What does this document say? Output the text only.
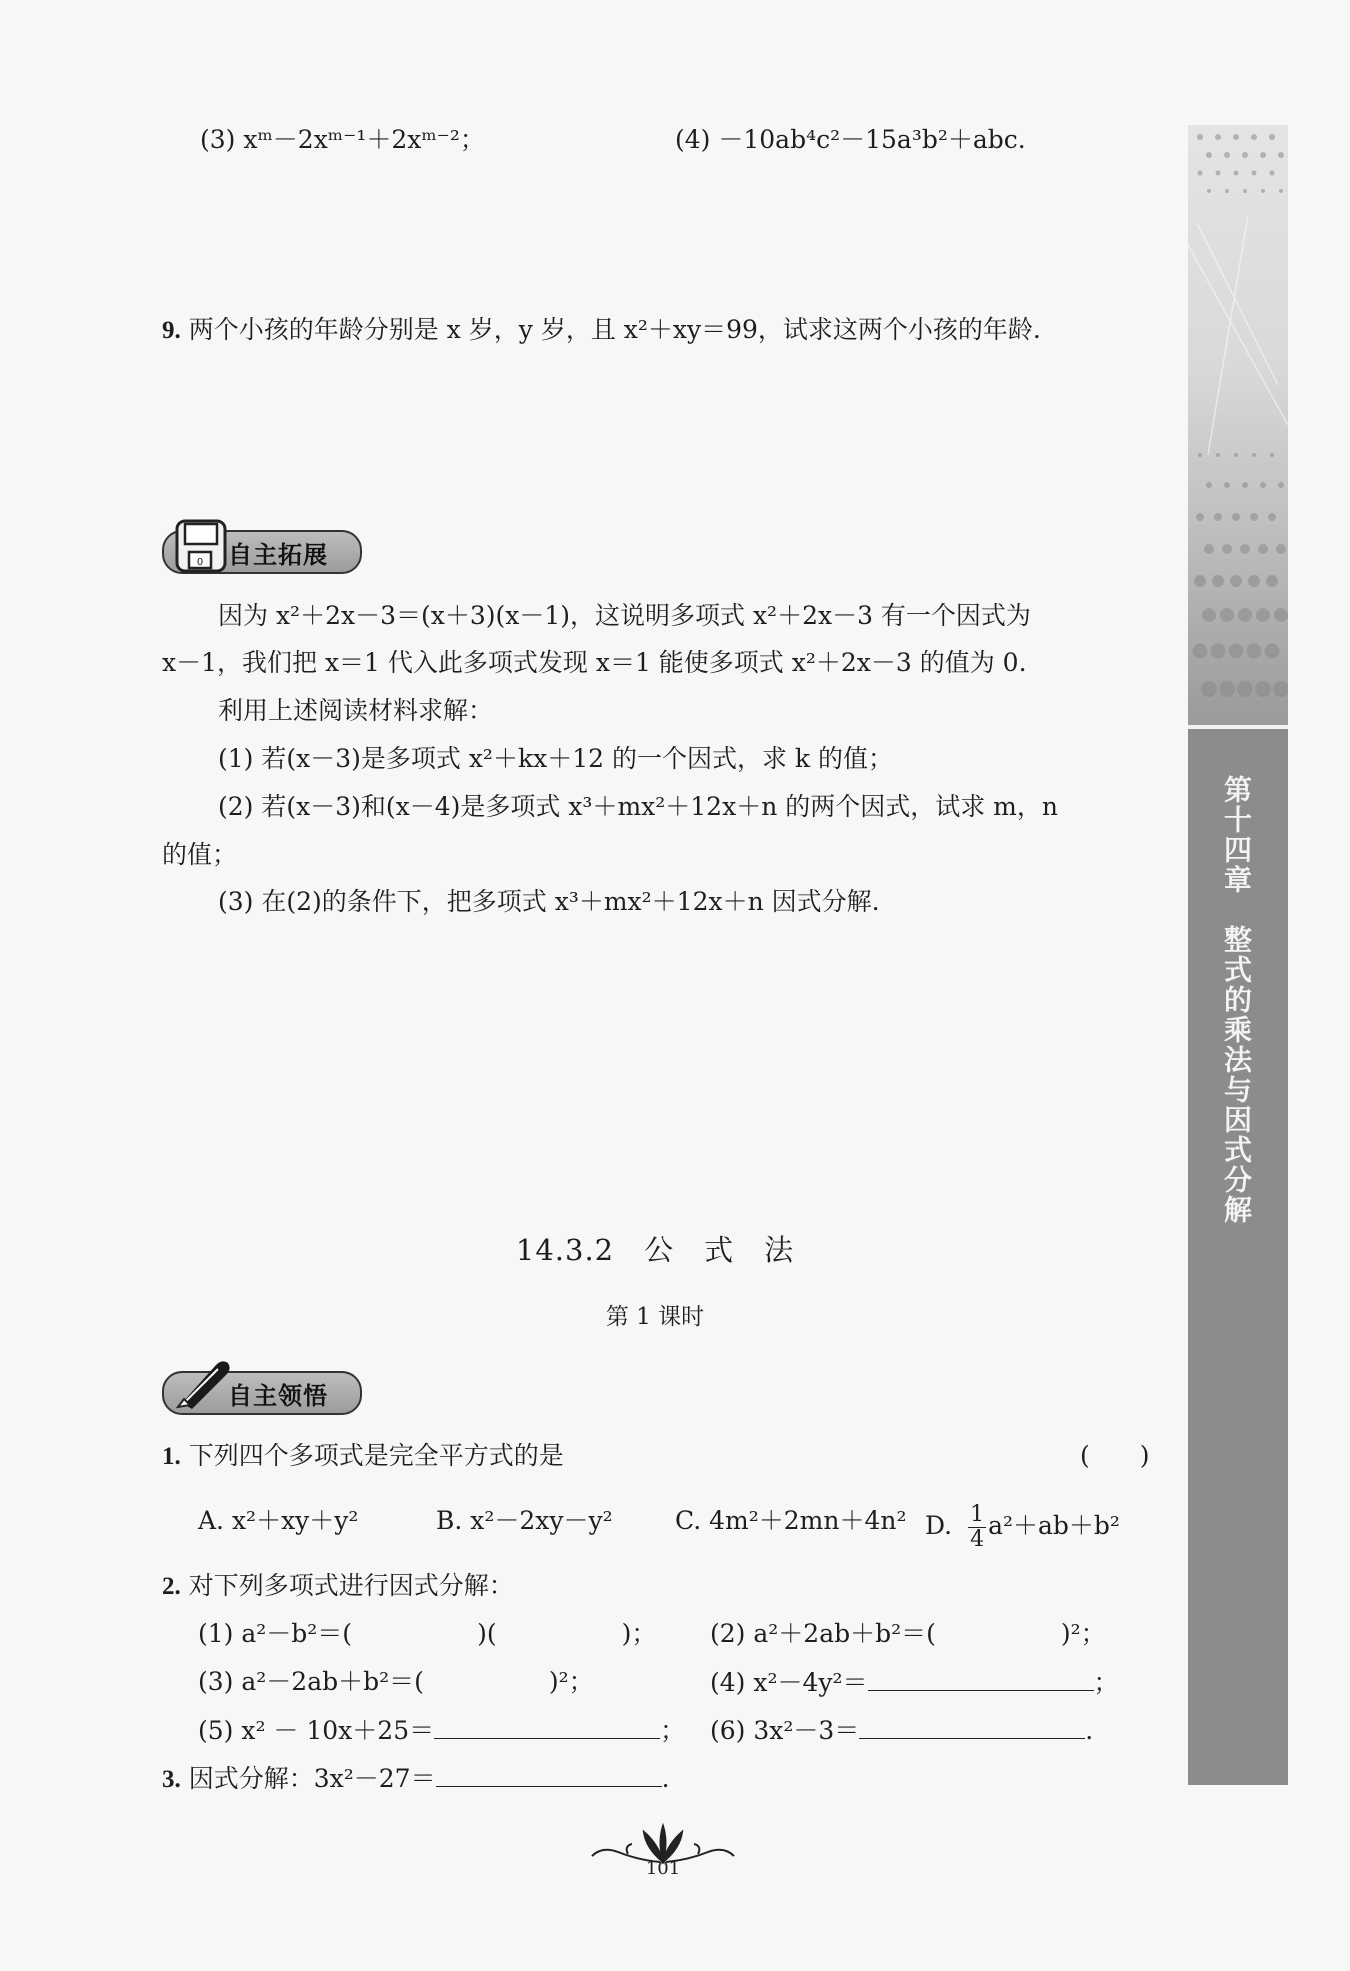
(3) xᵐ－2xᵐ⁻¹＋2xᵐ⁻²；	(4) －10ab⁴c²－15a³b²＋abc.
9. 两个小孩的年龄分别是 x 岁，y 岁，且 x²＋xy＝99，试求这两个小孩的年龄.
0 自主拓展
因为 x²＋2x－3＝(x＋3)(x－1)，这说明多项式 x²＋2x－3 有一个因式为
x－1，我们把 x＝1 代入此多项式发现 x＝1 能使多项式 x²＋2x－3 的值为 0.
利用上述阅读材料求解：
(1) 若(x－3)是多项式 x²＋kx＋12 的一个因式，求 k 的值；
(2) 若(x－3)和(x－4)是多项式 x³＋mx²＋12x＋n 的两个因式，试求 m，n
的值；
(3) 在(2)的条件下，把多项式 x³＋mx²＋12x＋n 因式分解.
14.3.2　公　式　法
第 1 课时
自主领悟
1. 下列四个多项式是完全平方式的是	(　　)
A. x²＋xy＋y²	B. x²－2xy－y² C. 4m²＋2mn＋4n² D. $\frac{1}{4} a^2+ab+b^2$
2. 对下列多项式进行因式分解：
(1) a²－b²＝(　　　　　)(　　　　　)； (2) a²＋2ab＋b²＝(　　　　　)²；
(3) a²－2ab＋b²＝(　　　　　)²；	(4) x²－4y²＝	；
(5) x² － 10x＋25＝	； (6) 3x²－3＝	.
3. 因式分解：3x²－27＝	.
第十四章　整式的乘法与因式分解
101
